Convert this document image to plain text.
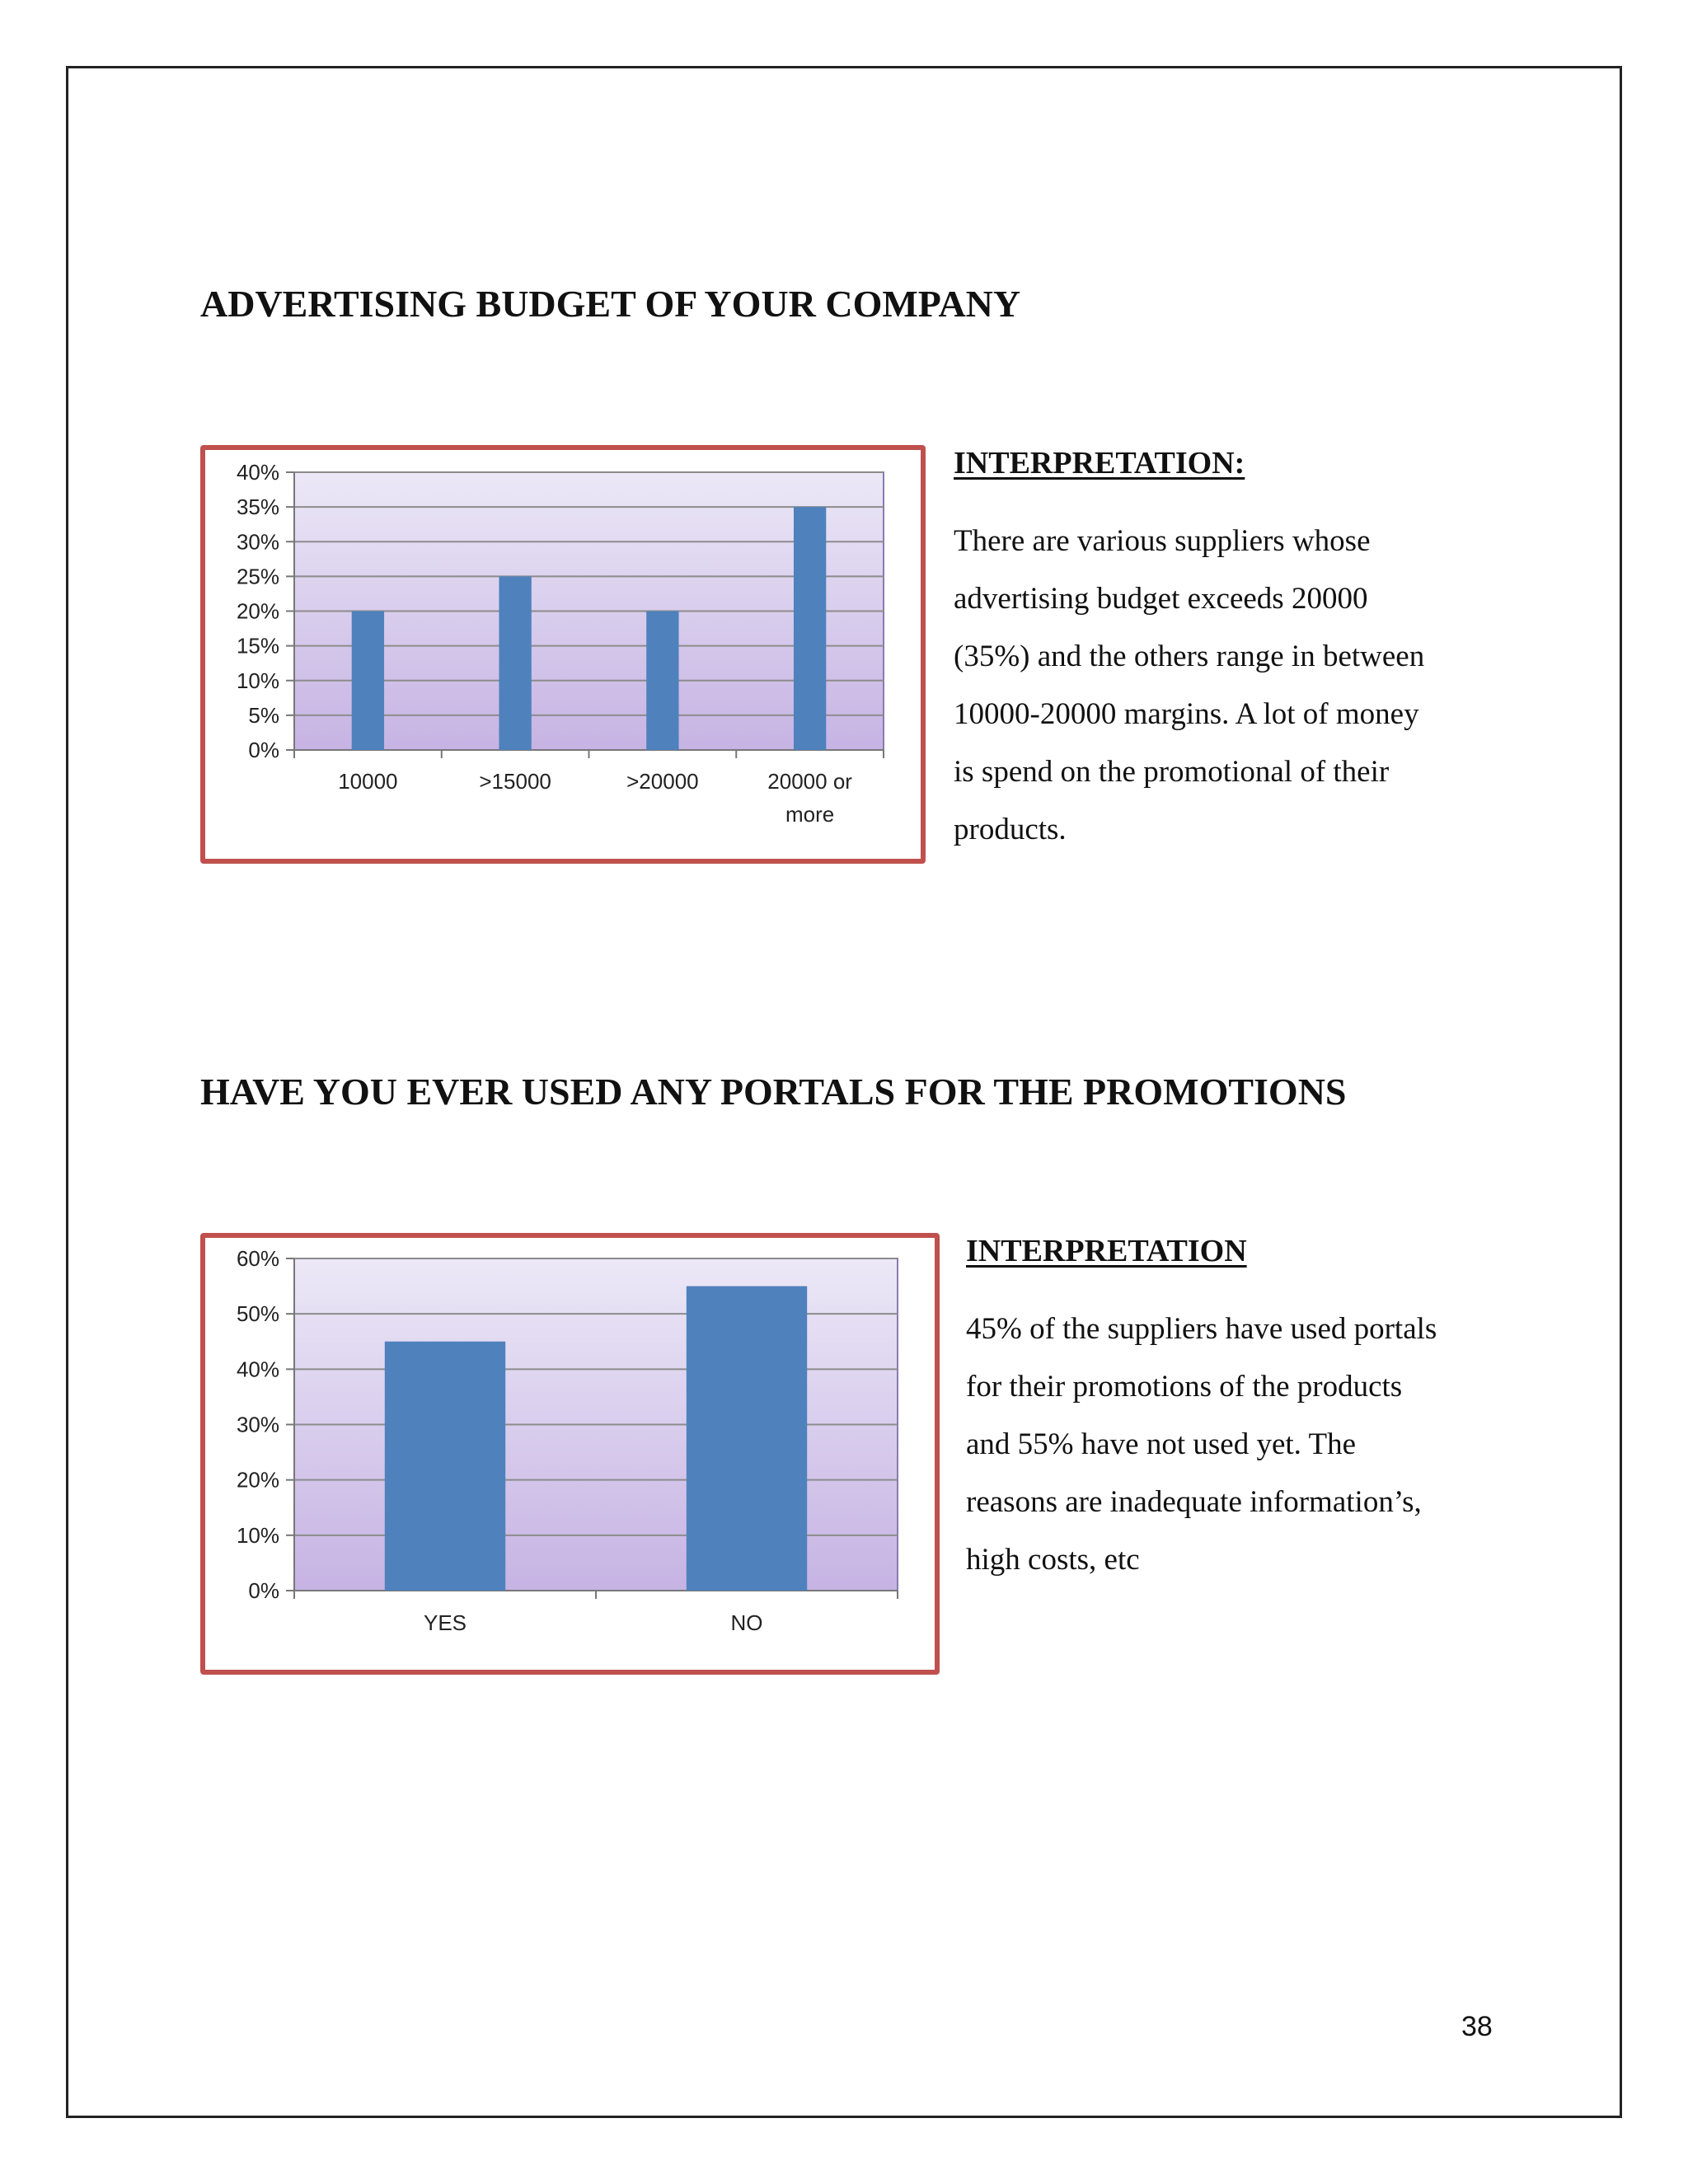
ADVERTISING BUDGET OF YOUR COMPANY
0%
5%
10%
15%
20%
25%
30%
35%
40%
10000	>15000	>20000	20000 or
more

INTERPRETATION:

There are various suppliers whose
advertising budget exceeds 20000
(35%) and the others range in between
10000-20000 margins. A lot of money
is spend on the promotional of their
products.
HAVE YOU EVER USED ANY PORTALS FOR THE PROMOTIONS
0%
10%
20%
30%
40%
50%
60%
YES	NO

INTERPRETATION

45% of the suppliers have used portals
for their promotions of the products
and 55% have not used yet. The
reasons are inadequate information’s,
high costs, etc
38
